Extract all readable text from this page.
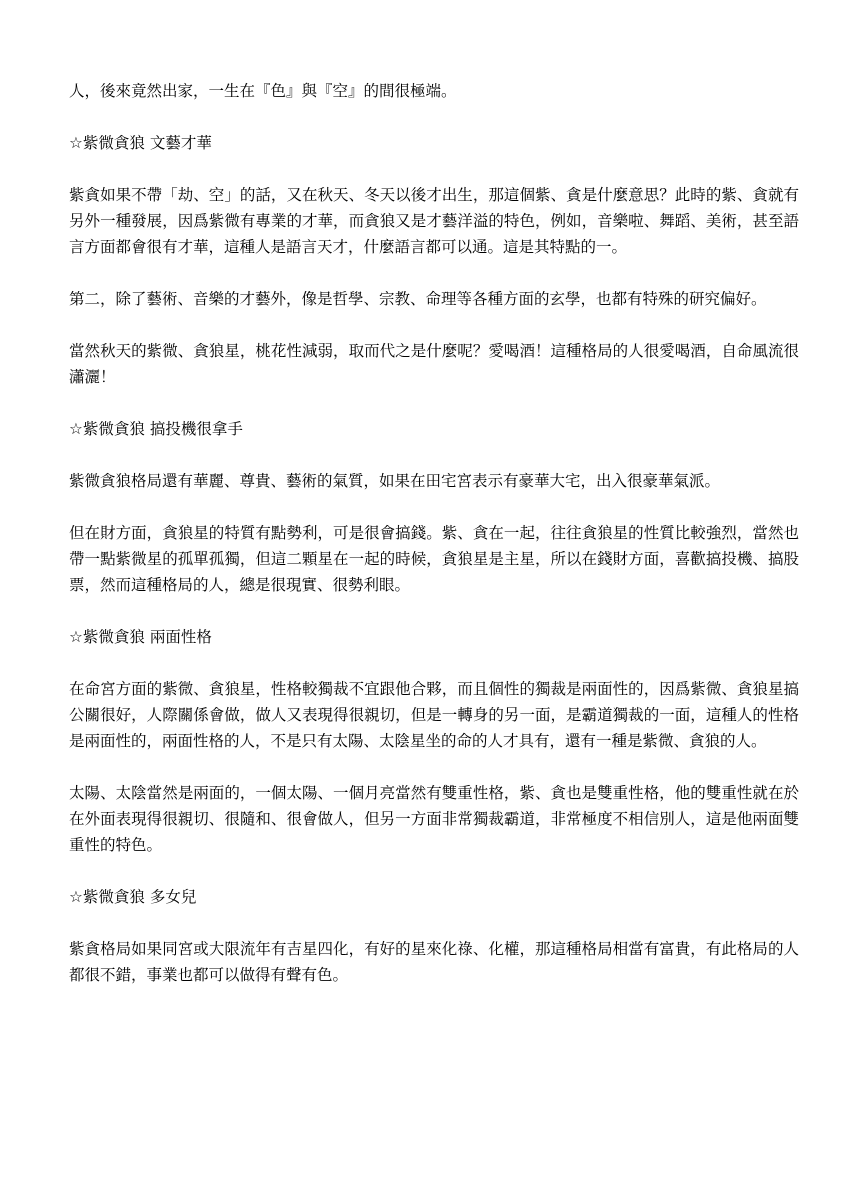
人，後來竟然出家，一生在『色』與『空』的間很極端。

☆紫微貪狼 文藝才華

紫貪如果不帶「劫、空」的話，又在秋天、冬天以後才出生，那這個紫、貪是什麼意思？此時的紫、貪就有另外一種發展，因爲紫微有專業的才華，而貪狼又是才藝洋溢的特色，例如，音樂啦、舞蹈、美術，甚至語言方面都會很有才華，這種人是語言天才，什麼語言都可以通。這是其特點的一。

第二，除了藝術、音樂的才藝外，像是哲學、宗教、命理等各種方面的玄學，也都有特殊的研究偏好。

當然秋天的紫微、貪狼星，桃花性減弱，取而代之是什麼呢？愛喝酒！這種格局的人很愛喝酒，自命風流很瀟灑！

☆紫微貪狼 搞投機很拿手

紫微貪狼格局還有華麗、尊貴、藝術的氣質，如果在田宅宮表示有豪華大宅，出入很豪華氣派。

但在財方面，貪狼星的特質有點勢利，可是很會搞錢。紫、貪在一起，往往貪狼星的性質比較強烈，當然也帶一點紫微星的孤單孤獨，但這二顆星在一起的時候，貪狼星是主星，所以在錢財方面，喜歡搞投機、搞股票，然而這種格局的人，總是很現實、很勢利眼。

☆紫微貪狼 兩面性格

在命宮方面的紫微、貪狼星，性格較獨裁不宜跟他合夥，而且個性的獨裁是兩面性的，因爲紫微、貪狼星搞公關很好，人際關係會做，做人又表現得很親切，但是一轉身的另一面，是霸道獨裁的一面，這種人的性格是兩面性的，兩面性格的人，不是只有太陽、太陰星坐的命的人才具有，還有一種是紫微、貪狼的人。

太陽、太陰當然是兩面的，一個太陽、一個月亮當然有雙重性格，紫、貪也是雙重性格，他的雙重性就在於在外面表現得很親切、很隨和、很會做人，但另一方面非常獨裁霸道，非常極度不相信別人，這是他兩面雙重性的特色。

☆紫微貪狼 多女兒

紫貪格局如果同宮或大限流年有吉星四化，有好的星來化祿、化權，那這種格局相當有富貴，有此格局的人都很不錯，事業也都可以做得有聲有色。
